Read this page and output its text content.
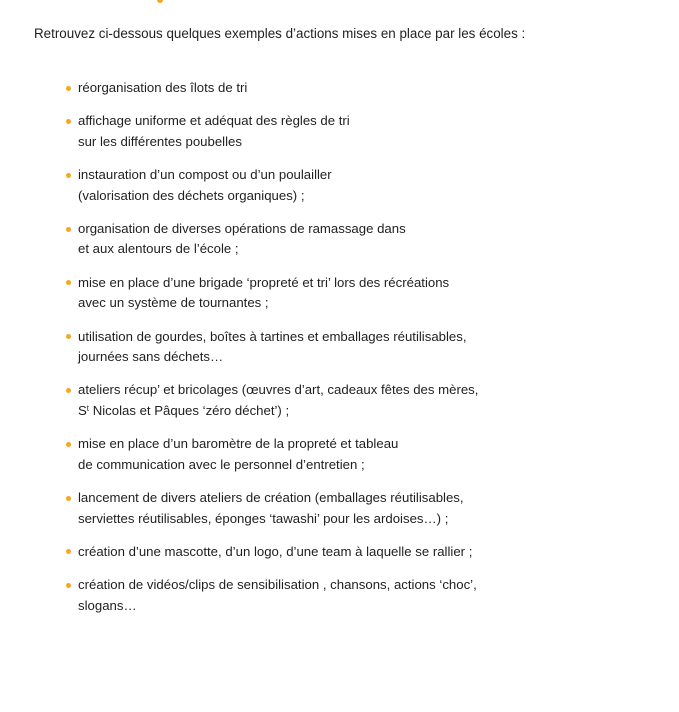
Retrouvez ci-dessous quelques exemples d’actions mises en place par les écoles :

réorganisation des îlots de tri
affichage uniforme et adéquat des règles de tri
sur les différentes poubelles
instauration d’un compost ou d’un poulailler
(valorisation des déchets organiques) ;
organisation de diverses opérations de ramassage dans
et aux alentours de l’école ;
mise en place d’une brigade ‘propreté et tri’ lors des récréations
avec un système de tournantes ;
utilisation de gourdes, boîtes à tartines et emballages réutilisables,
journées sans déchets…
ateliers récup’ et bricolages (œuvres d’art, cadeaux fêtes des mères,
$S^t$ Nicolas et Pâques ‘zéro déchet’) ;
mise en place d’un baromètre de la propreté et tableau
de communication avec le personnel d’entretien ;
lancement de divers ateliers de création (emballages réutilisables,
serviettes réutilisables, éponges ‘tawashi’ pour les ardoises…) ;
création d’une mascotte, d’un logo, d’une team à laquelle se rallier ;
création de vidéos/clips de sensibilisation , chansons, actions ‘choc’,
slogans…
